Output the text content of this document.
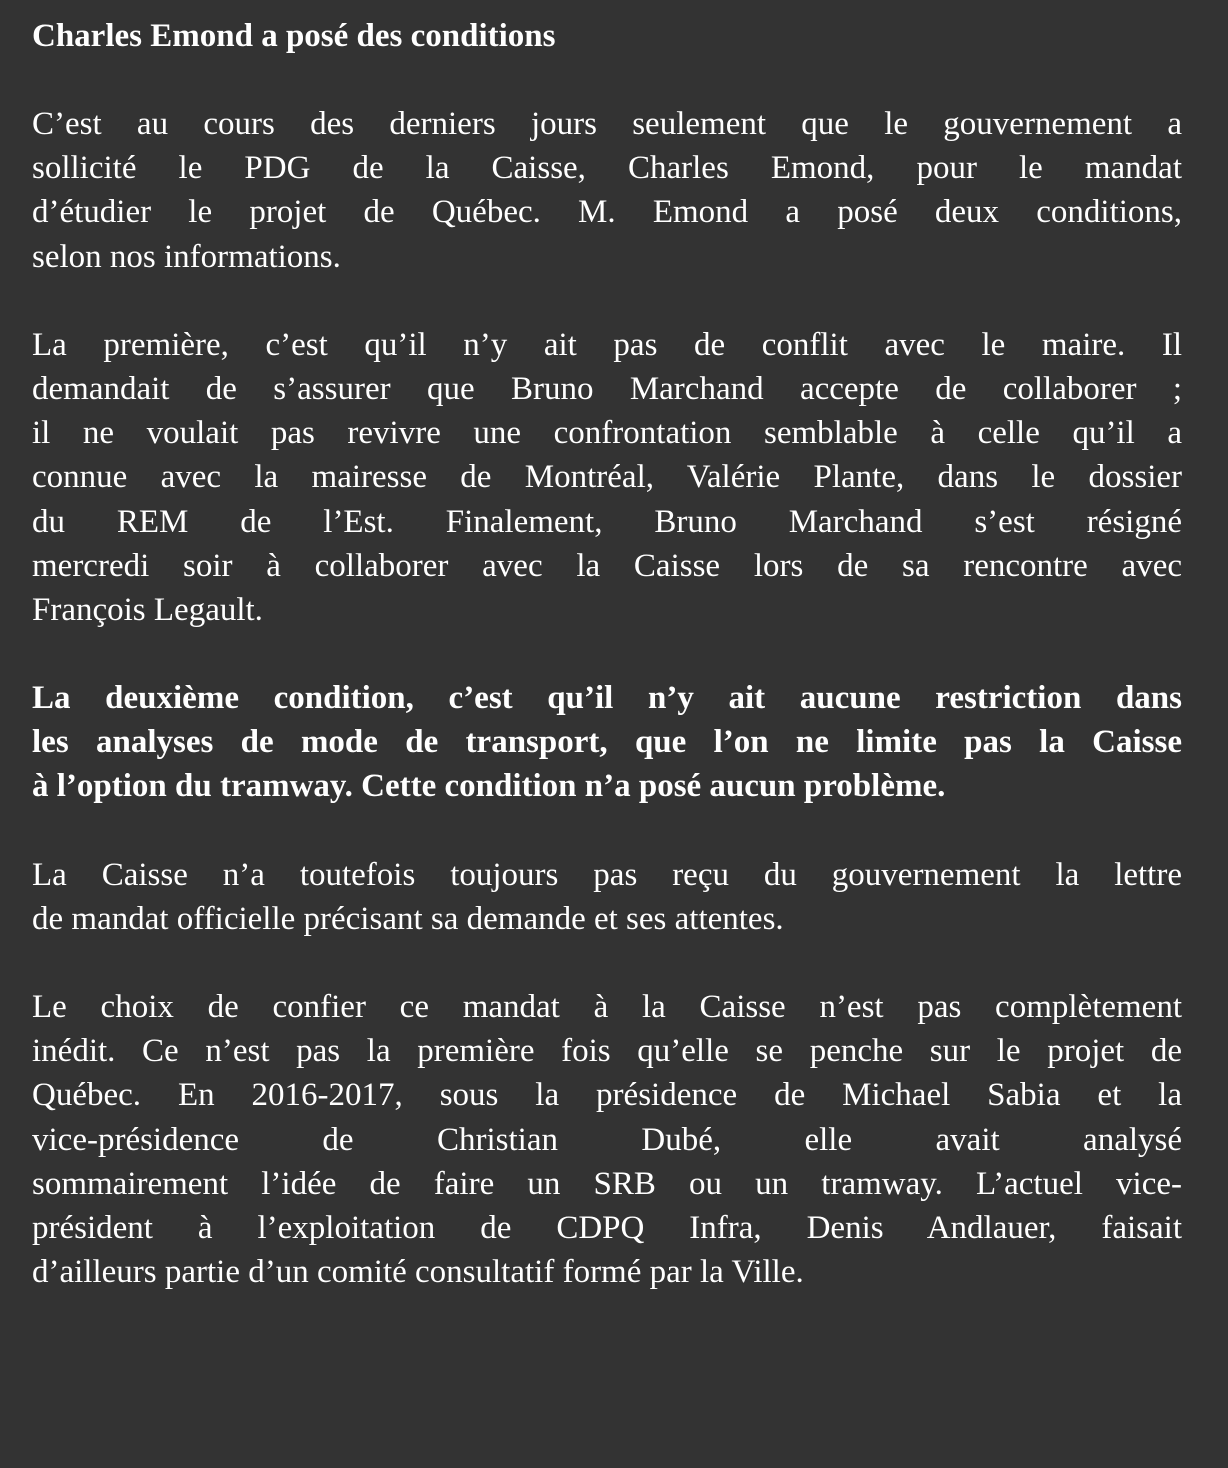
Charles Emond a posé des conditions
C’est au cours des derniers jours seulement que le gouvernement a
sollicité le PDG de la Caisse, Charles Emond, pour le mandat
d’étudier le projet de Québec. M. Emond a posé deux conditions,
selon nos informations.
La première, c’est qu’il n’y ait pas de conflit avec le maire. Il
demandait de s’assurer que Bruno Marchand accepte de collaborer ;
il ne voulait pas revivre une confrontation semblable à celle qu’il a
connue avec la mairesse de Montréal, Valérie Plante, dans le dossier
du REM de l’Est. Finalement, Bruno Marchand s’est résigné
mercredi soir à collaborer avec la Caisse lors de sa rencontre avec
François Legault.
La deuxième condition, c’est qu’il n’y ait aucune restriction dans
les analyses de mode de transport, que l’on ne limite pas la Caisse
à l’option du tramway. Cette condition n’a posé aucun problème.
La Caisse n’a toutefois toujours pas reçu du gouvernement la lettre
de mandat officielle précisant sa demande et ses attentes.
Le choix de confier ce mandat à la Caisse n’est pas complètement
inédit. Ce n’est pas la première fois qu’elle se penche sur le projet de
Québec. En 2016-2017, sous la présidence de Michael Sabia et la
vice-présidence de Christian Dubé, elle avait analysé
sommairement l’idée de faire un SRB ou un tramway. L’actuel vice-
président à l’exploitation de CDPQ Infra, Denis Andlauer, faisait
d’ailleurs partie d’un comité consultatif formé par la Ville.
